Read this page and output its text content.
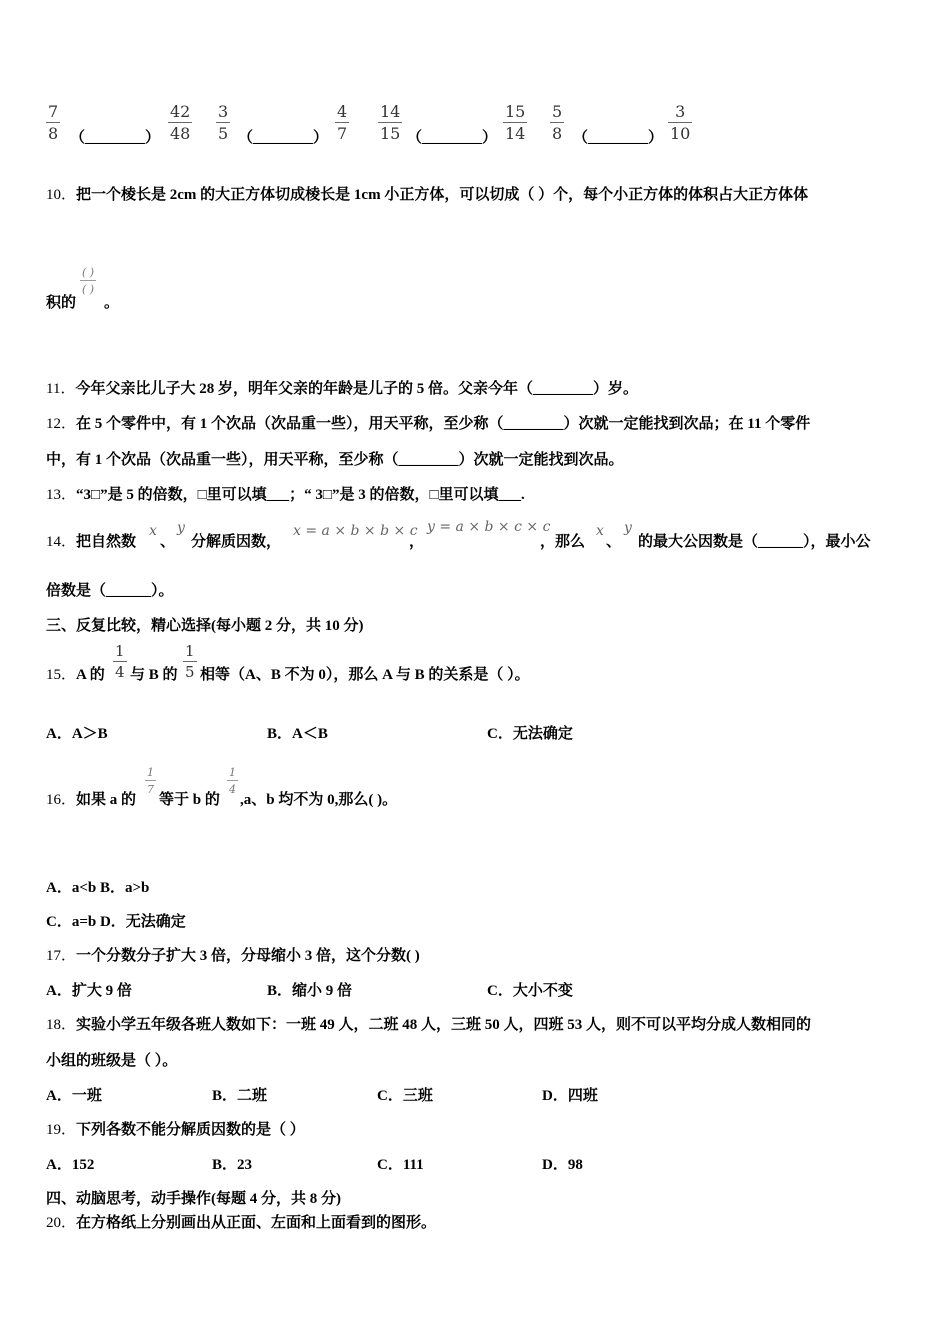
7
8 （________）
42
48
3
5 （________）
4
7
14
15 （________）
15
14
5
8 （________）
3
10
10．把一个棱长是 2cm 的大正方体切成棱长是 1cm 小正方体，可以切成（ ）个，每个小正方体的体积占大正方体体
积的
( )
( )
。
11．今年父亲比儿子大 28 岁，明年父亲的年龄是儿子的 5 倍。父亲今年（________）岁。
12．在 5 个零件中，有 1 个次品（次品重一些），用天平称，至少称（________）次就一定能找到次品；在 11 个零件
中，有 1 个次品（次品重一些），用天平称，至少称（________）次就一定能找到次品。
13．“3□”是 5 的倍数，□里可以填___；“ 3□”是 3 的倍数，□里可以填___.
14．把自然数
x
、
y
分解质因数，
x = a × b × b × c
，
y = a × b × c × c
，那么
x
、
y
的最大公因数是（______），最小公
倍数是（______）。
三、反复比较，精心选择(每小题 2 分，共 10 分)
15．A 的
1
4 与 B 的
1
5 相等（A、B 不为 0），那么 A 与 B 的关系是（ ）。
A．A＞B	B．A＜B	C．无法确定
16．如果 a 的
1
7
等于 b 的
1
4
,a、b 均不为 0,那么( )。
A．a<b B．a>b
C．a=b D．无法确定
17．一个分数分子扩大 3 倍，分母缩小 3 倍，这个分数( )
A．扩大 9 倍	B．缩小 9 倍	C．大小不变
18．实验小学五年级各班人数如下：一班 49 人，二班 48 人，三班 50 人，四班 53 人，则不可以平均分成人数相同的
小组的班级是（ ）。
A．一班	B．二班	C．三班	D．四班
19．下列各数不能分解质因数的是（ ）
A．152	B．23	C．111	D．98
四、动脑思考，动手操作(每题 4 分，共 8 分)
20．在方格纸上分别画出从正面、左面和上面看到的图形。
